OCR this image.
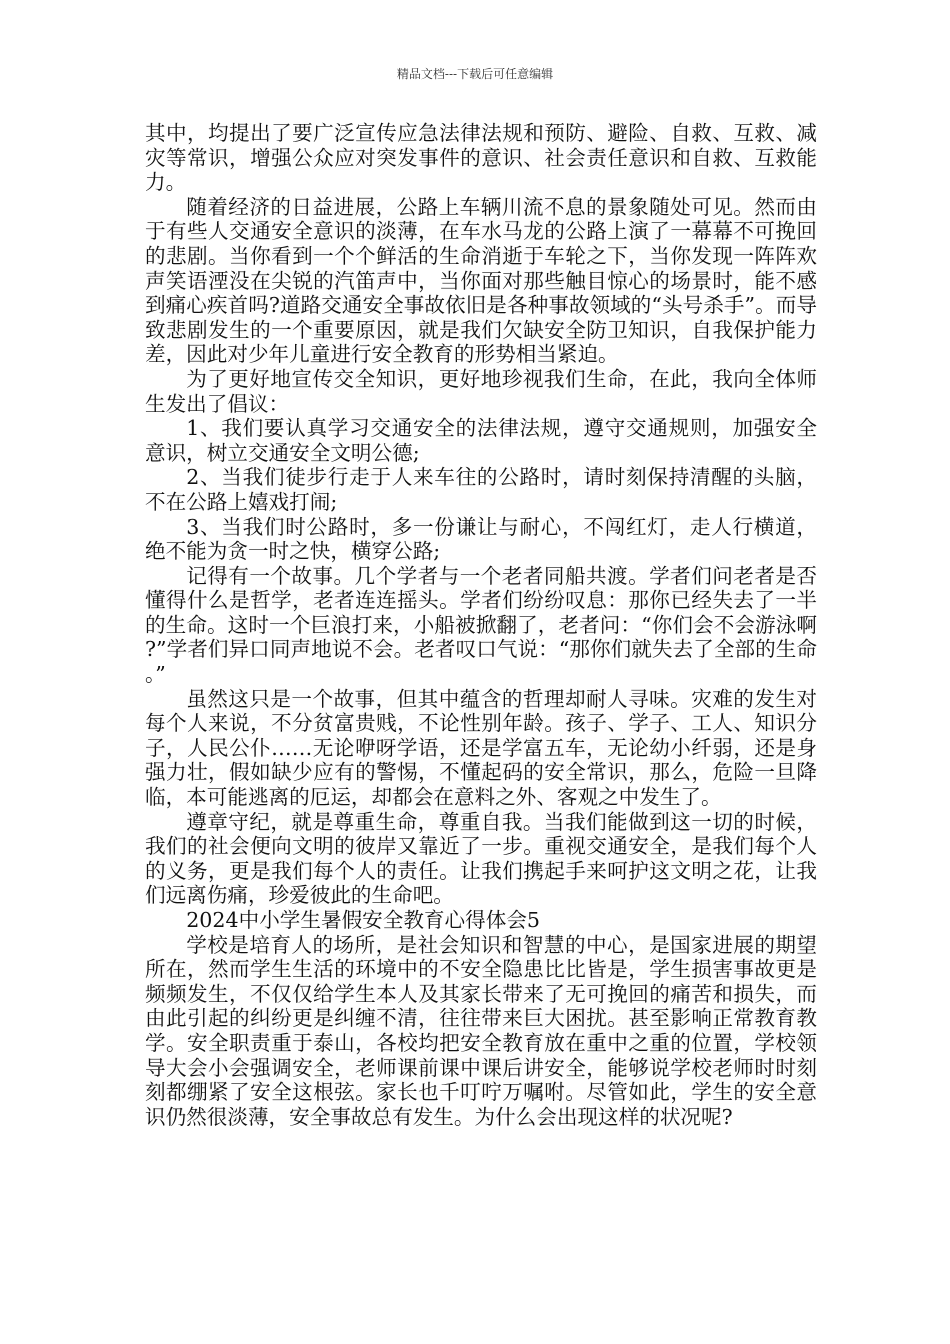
精品文档---下载后可任意编辑

其中，均提出了要广泛宣传应急法律法规和预防、避险、自救、互救、减灾等常识，增强公众应对突发事件的意识、社会责任意识和自救、互救能力。

随着经济的日益进展，公路上车辆川流不息的景象随处可见。然而由于有些人交通安全意识的淡薄，在车水马龙的公路上演了一幕幕不可挽回的悲剧。当你看到一个个鲜活的生命消逝于车轮之下，当你发现一阵阵欢声笑语湮没在尖锐的汽笛声中，当你面对那些触目惊心的场景时，能不感到痛心疾首吗?道路交通安全事故依旧是各种事故领域的“头号杀手”。而导致悲剧发生的一个重要原因，就是我们欠缺安全防卫知识，自我保护能力差，因此对少年儿童进行安全教育的形势相当紧迫。

为了更好地宣传交全知识，更好地珍视我们生命，在此，我向全体师生发出了倡议：

1、我们要认真学习交通安全的法律法规，遵守交通规则，加强安全意识，树立交通安全文明公德;

2、当我们徒步行走于人来车往的公路时，请时刻保持清醒的头脑，不在公路上嬉戏打闹;

3、当我们时公路时，多一份谦让与耐心，不闯红灯，走人行横道，绝不能为贪一时之快，横穿公路;

记得有一个故事。几个学者与一个老者同船共渡。学者们问老者是否懂得什么是哲学，老者连连摇头。学者们纷纷叹息：那你已经失去了一半的生命。这时一个巨浪打来，小船被掀翻了，老者问：“你们会不会游泳啊?”学者们异口同声地说不会。老者叹口气说：“那你们就失去了全部的生命。”

虽然这只是一个故事，但其中蕴含的哲理却耐人寻味。灾难的发生对每个人来说，不分贫富贵贱，不论性别年龄。孩子、学子、工人、知识分子，人民公仆……无论咿呀学语，还是学富五车，无论幼小纤弱，还是身强力壮，假如缺少应有的警惕，不懂起码的安全常识，那么，危险一旦降临，本可能逃离的厄运，却都会在意料之外、客观之中发生了。

遵章守纪，就是尊重生命，尊重自我。当我们能做到这一切的时候，我们的社会便向文明的彼岸又靠近了一步。重视交通安全，是我们每个人的义务，更是我们每个人的责任。让我们携起手来呵护这文明之花，让我们远离伤痛，珍爱彼此的生命吧。

2024中小学生暑假安全教育心得体会5

学校是培育人的场所，是社会知识和智慧的中心，是国家进展的期望所在，然而学生生活的环境中的不安全隐患比比皆是，学生损害事故更是频频发生，不仅仅给学生本人及其家长带来了无可挽回的痛苦和损失，而由此引起的纠纷更是纠缠不清，往往带来巨大困扰。甚至影响正常教育教学。安全职责重于泰山，各校均把安全教育放在重中之重的位置，学校领导大会小会强调安全，老师课前课中课后讲安全，能够说学校老师时时刻刻都绷紧了安全这根弦。家长也千叮咛万嘱咐。尽管如此，学生的安全意识仍然很淡薄，安全事故总有发生。为什么会出现这样的状况呢?
